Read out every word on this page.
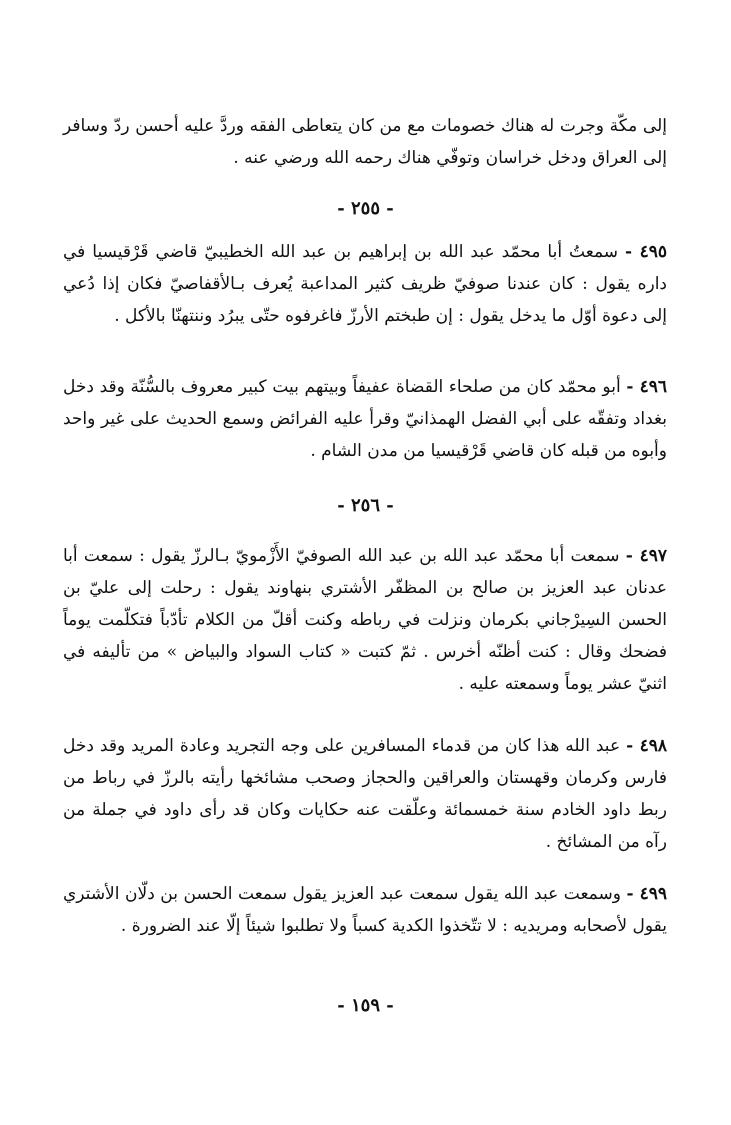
إلى مكّة وجرت له هناك خصومات مع من كان يتعاطى الفقه وردَّ عليه أحسن ردّ وسافر إلى العراق ودخل خراسان وتوفّي هناك رحمه الله ورضي عنه .

- ٢٥٥ -

٤٩٥ - سمعتُ أبا محمّد عبد الله بن إبراهيم بن عبد الله الخطيبيّ قاضي قَرْقيسيا في داره يقول : كان عندنا صوفيّ ظريف كثير المداعبة يُعرف بـالأقفاصيّ فكان إذا دُعي إلى دعوة أوّل ما يدخل يقول : إن طبختم الأرزّ فاغرفوه حتّى يبرُد وننتهنّا بالأكل .

٤٩٦ - أبو محمّد كان من صلحاء القضاة عفيفاً وبيتهم بيت كبير معروف بالسُّنّة وقد دخل بغداد وتفقّه على أبي الفضل الهمذانيّ وقرأ عليه الفرائض وسمع الحديث على غير واحد وأبوه من قبله كان قاضي قَرْقيسيا من مدن الشام .

- ٢٥٦ -

٤٩٧ - سمعت أبا محمّد عبد الله بن عبد الله الصوفيّ الأَزْمويّ بـالرزّ يقول : سمعت أبا عدنان عبد العزيز بن صالح بن المظفّر الأشتري بنهاوند يقول : رحلت إلى عليّ بن الحسن السِيرْجاني بكرمان ونزلت في رباطه وكنت أقلّ من الكلام تأدّباً فتكلّمت يوماً فضحك وقال : كنت أظنّه أخرس . ثمّ كتبت « كتاب السواد والبياض » من تأليفه في اثنيّ عشر يوماً وسمعته عليه .

٤٩٨ - عبد الله هذا كان من قدماء المسافرين على وجه التجريد وعادة المريد وقد دخل فارس وكرمان وقهستان والعراقين والحجاز وصحب مشائخها رأيته بالرزّ في رباط من ربط داود الخادم سنة خمسمائة وعلّقت عنه حكايات وكان قد رأى داود في جملة من رآه من المشائخ .

٤٩٩ - وسمعت عبد الله يقول سمعت عبد العزيز يقول سمعت الحسن بن دلّان الأشتري يقول لأصحابه ومريديه : لا تتّخذوا الكدية كسباً ولا تطلبوا شيئاً إلّا عند الضرورة .

- ١٥٩ -
